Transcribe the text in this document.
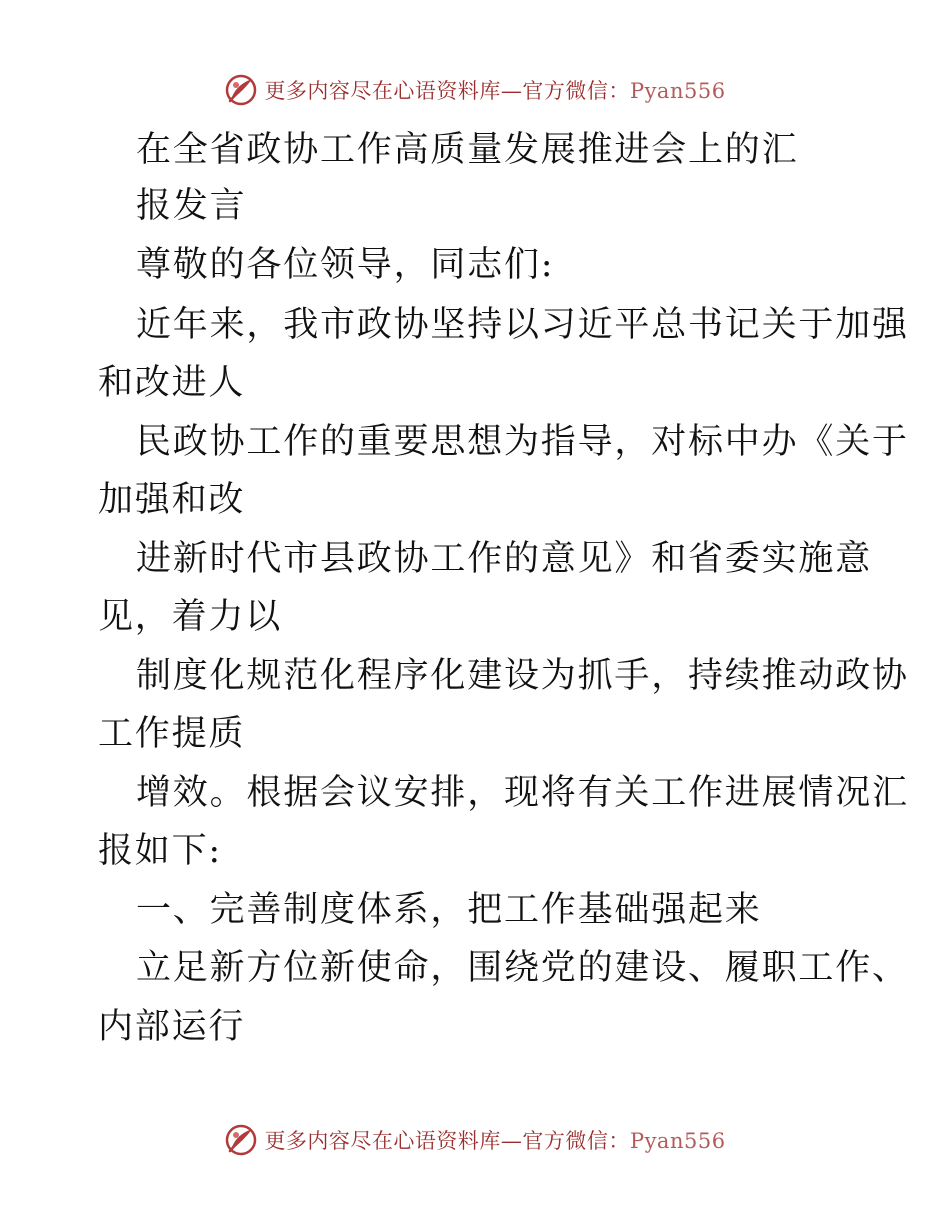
更多内容尽在心语资料库—官方微信：Pyan556
在全省政协工作高质量发展推进会上的汇
报发言
尊敬的各位领导，同志们:
近年来，我市政协坚持以习近平总书记关于加强
和改进人
民政协工作的重要思想为指导，对标中办《关于
加强和改
进新时代市县政协工作的意见》和省委实施意
见，着力以
制度化规范化程序化建设为抓手，持续推动政协
工作提质
增效。根据会议安排，现将有关工作进展情况汇
报如下:
一、完善制度体系，把工作基础强起来
立足新方位新使命，围绕党的建设、履职工作、
内部运行
更多内容尽在心语资料库—官方微信：Pyan556
